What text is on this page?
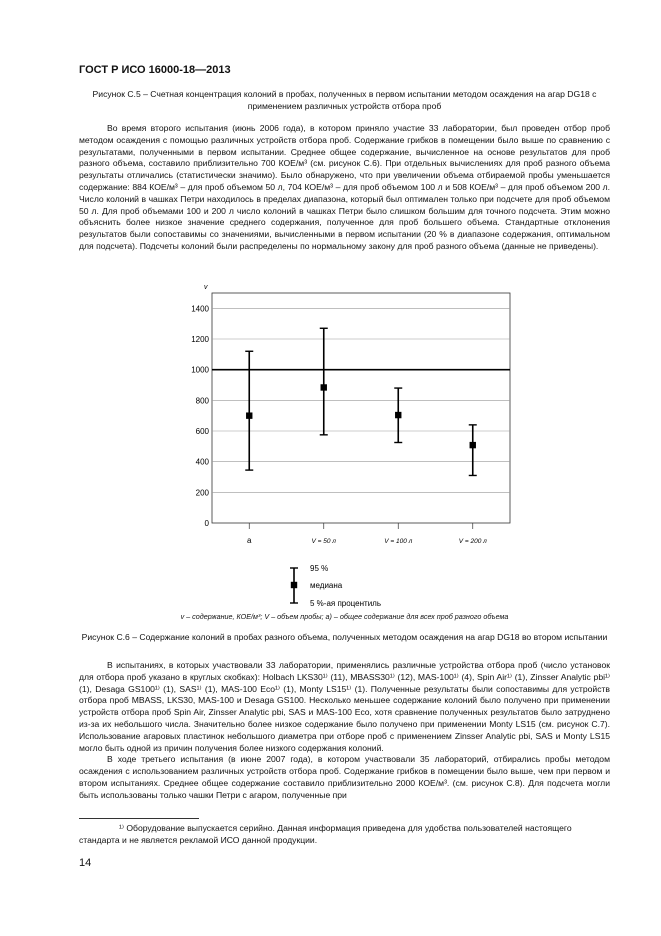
ГОСТ Р ИСО 16000-18—2013
Рисунок С.5 – Счетная концентрация колоний в пробах, полученных в первом испытании методом осаждения на агар DG18 с применением различных устройств отбора проб

Во время второго испытания (июнь 2006 года), в котором приняло участие 33 лаборатории, был проведен отбор проб методом осаждения с помощью различных устройств отбора проб. Содержание грибков в помещении было выше по сравнению с результатами, полученными в первом испытании. Среднее общее содержание, вычисленное на основе результатов для проб разного объема, составило приблизительно 700 КОЕ/м³ (см. рисунок С.6). При отдельных вычислениях для проб разного объема результаты отличались (статистически значимо). Было обнаружено, что при увеличении объема отбираемой пробы уменьшается содержание: 884 КОЕ/м³ – для проб объемом 50 л, 704 КОЕ/м³ – для проб объемом 100 л и 508 КОЕ/м³ – для проб объемом 200 л. Число колоний в чашках Петри находилось в пределах диапазона, который был оптимален только при подсчете для проб объемом 50 л. Для проб объемами 100 и 200 л число колоний в чашках Петри было слишком большим для точного подсчета. Этим можно объяснить более низкое значение среднего содержания, полученное для проб большего объема. Стандартные отклонения результатов были сопоставимы со значениями, вычисленными в первом испытании (20 % в диапазоне содержания, оптимальном для подсчета). Подсчеты колоний были распределены по нормальному закону для проб разного объема (данные не приведены).

v
0
200
400
600
800
1000
1200
1400
a	V = 50 л	V = 100 л	V = 200 л
95 %
медиана
5 %-ая процентиль
v – содержание, КОЕ/м³; V – объем пробы; а) – общее содержание для всех проб разного объема
Рисунок С.6 – Содержание колоний в пробах разного объема, полученных методом осаждения на агар DG18 во втором испытании

В испытаниях, в которых участвовали 33 лаборатории, применялись различные устройства отбора проб (число установок для отбора проб указано в круглых скобках): Holbach LKS30¹⁾ (11), MBASS30¹⁾ (12), MAS-100¹⁾ (4), Spin Air¹⁾ (1), Zinsser Analytic pbi¹⁾ (1), Desaga GS100¹⁾ (1), SAS¹⁾ (1), MAS-100 Eco¹⁾ (1), Monty LS15¹⁾ (1). Полученные результаты были сопоставимы для устройств отбора проб MBASS, LKS30, MAS-100 и Desaga GS100. Несколько меньшее содержание колоний было получено при применении устройств отбора проб Spin Air, Zinsser Analytic pbi, SAS и MAS-100 Eco, хотя сравнение полученных результатов было затруднено из-за их небольшого числа. Значительно более низкое содержание было получено при применении Monty LS15 (см. рисунок С.7). Использование агаровых пластинок небольшого диаметра при отборе проб с применением Zinsser Analytic pbi, SAS и Monty LS15 могло быть одной из причин получения более низкого содержания колоний.

В ходе третьего испытания (в июне 2007 года), в котором участвовали 35 лабораторий, отбирались пробы методом осаждения с использованием различных устройств отбора проб. Содержание грибков в помещении было выше, чем при первом и втором испытаниях. Среднее общее содержание составило приблизительно 2000 КОЕ/м³. (см. рисунок С.8). Для подсчета могли быть использованы только чашки Петри с агаром, полученные при

¹⁾ Оборудование выпускается серийно. Данная информация приведена для удобства пользователей настоящего стандарта и не является рекламой ИСО данной продукции.
14
